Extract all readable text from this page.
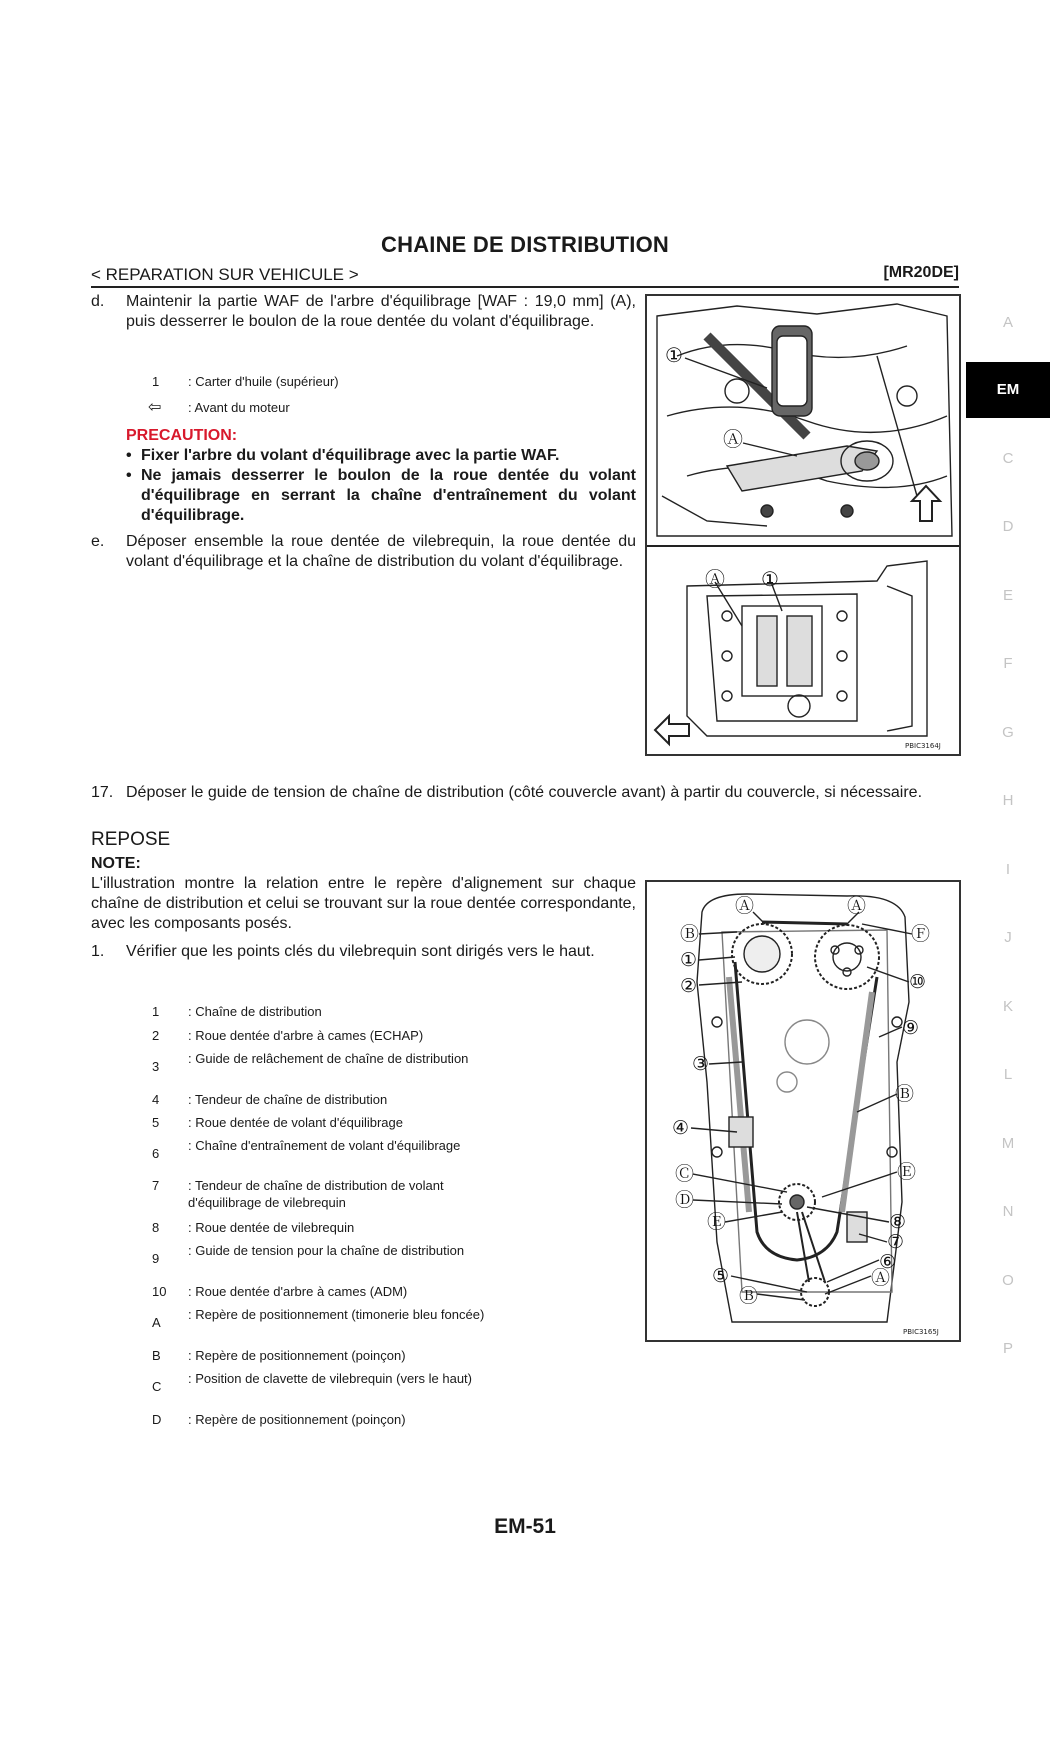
CHAINE DE DISTRIBUTION
< REPARATION SUR VEHICULE >	[MR20DE]
d. Maintenir la partie WAF de l'arbre d'équilibrage [WAF : 19,0 mm] (A), puis desserrer le boulon de la roue dentée du volant d'équilibrage.
1	: Carter d'huile (supérieur)
⇦	: Avant du moteur
PRECAUTION:
• Fixer l'arbre du volant d'équilibrage avec la partie WAF.
• Ne jamais desserrer le boulon de la roue dentée du volant d'équilibrage en serrant la chaîne d'entraînement du volant d'équilibrage.
e. Déposer ensemble la roue dentée de vilebrequin, la roue dentée du volant d'équilibrage et la chaîne de distribution du volant d'équilibrage.
①
Ⓐ
Ⓐ ①
PBIC3164J
17. Déposer le guide de tension de chaîne de distribution (côté couvercle avant) à partir du couvercle, si nécessaire.
REPOSE
NOTE:
L'illustration montre la relation entre le repère d'alignement sur chaque chaîne de distribution et celui se trouvant sur la roue dentée correspondante, avec les composants posés.
1. Vérifier que les points clés du vilebrequin sont dirigés vers le haut.
1	: Chaîne de distribution
2	: Roue dentée d'arbre à cames (ECHAP)
3
: Guide de relâchement de chaîne de distribution
4	: Tendeur de chaîne de distribution
5	: Roue dentée de volant d'équilibrage
6
: Chaîne d'entraînement de volant d'équilibrage
7	: Tendeur de chaîne de distribution de volant d'équilibrage de vilebrequin
8	: Roue dentée de vilebrequin
9
: Guide de tension pour la chaîne de distribution
10	: Roue dentée d'arbre à cames (ADM)
A
: Repère de positionnement (timonerie bleu foncée)
B	: Repère de positionnement (poinçon)
C
: Position de clavette de vilebrequin (vers le haut)
D	: Repère de positionnement (poinçon)
Ⓑ
①
②
③
④
Ⓒ
Ⓓ
Ⓔ
⑤
Ⓑ
Ⓐ	Ⓐ
Ⓕ
⑩
⑨
Ⓑ
Ⓔ
⑧
⑦
⑥
Ⓐ
PBIC3165J
A
EM
C
D
E
F
G
H
I
J
K
L
M
N
O
P
EM-51
